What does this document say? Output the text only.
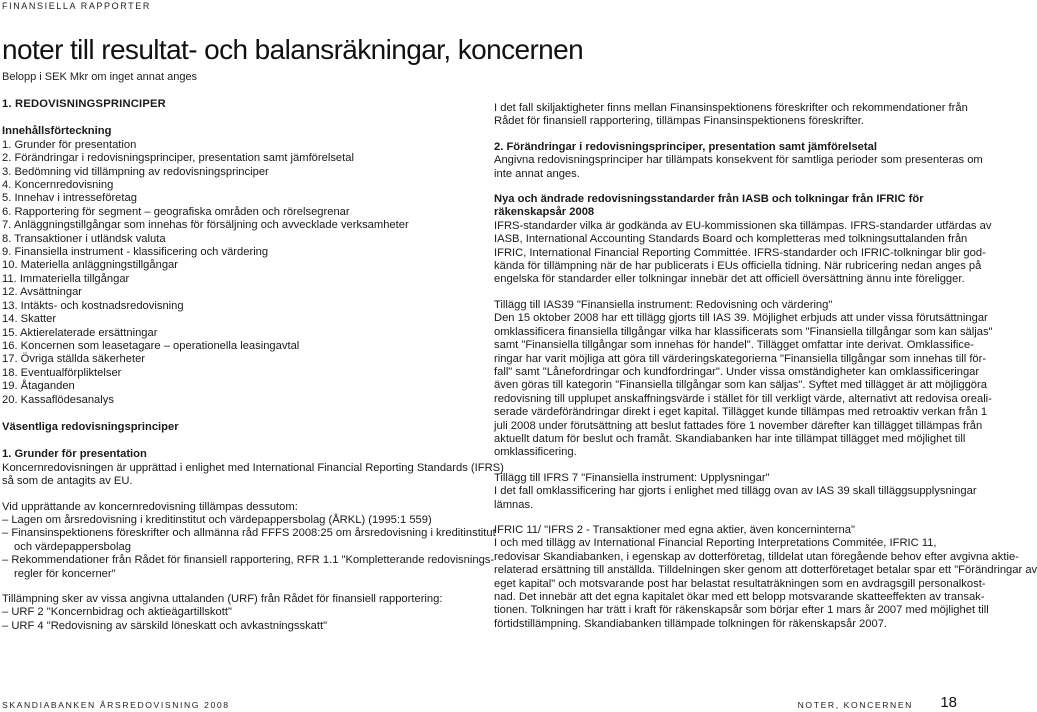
FINANSIELLA RAPPORTER
noter till resultat- och balansräkningar, koncernen
Belopp i SEK Mkr om inget annat anges
1. REDOVISNINGSPRINCIPER
Innehållsförteckning
1. Grunder för presentation
2. Förändringar i redovisningsprinciper, presentation samt jämförelsetal
3. Bedömning vid tillämpning av redovisningsprinciper
4. Koncernredovisning
5. Innehav i intresseföretag
6. Rapportering för segment – geografiska områden och rörelsegrenar
7. Anläggningstillgångar som innehas för försäljning och avvecklade verksamheter
8. Transaktioner i utländsk valuta
9. Finansiella instrument - klassificering och värdering
10. Materiella anläggningstillgångar
11. Immateriella tillgångar
12. Avsättningar
13. Intäkts- och kostnadsredovisning
14. Skatter
15. Aktierelaterade ersättningar
16. Koncernen som leasetagare – operationella leasingavtal
17. Övriga ställda säkerheter
18. Eventualförpliktelser
19. Åtaganden
20. Kassaflödesanalys
Väsentliga redovisningsprinciper
1. Grunder för presentation
Koncernredovisningen är upprättad i enlighet med International Financial Reporting Standards (IFRS)
så som de antagits av EU.
Vid upprättande av koncernredovisning tillämpas dessutom:
– Lagen om årsredovisning i kreditinstitut och värdepappersbolag (ÅRKL) (1995:1 559)
– Finansinspektionens föreskrifter och allmänna råd FFFS 2008:25 om årsredovisning i kreditinstitut
och värdepappersbolag
– Rekommendationer från Rådet för finansiell rapportering, RFR 1.1 "Kompletterande redovisnings-
regler för koncerner"
Tillämpning sker av vissa angivna uttalanden (URF) från Rådet för finansiell rapportering:
– URF 2 "Koncernbidrag och aktieägartillskott"
– URF 4 "Redovisning av särskild löneskatt och avkastningsskatt"
I det fall skiljaktigheter finns mellan Finansinspektionens föreskrifter och rekommendationer från
Rådet för finansiell rapportering, tillämpas Finansinspektionens föreskrifter.
2. Förändringar i redovisningsprinciper, presentation samt jämförelsetal
Angivna redovisningsprinciper har tillämpats konsekvent för samtliga perioder som presenteras om
inte annat anges.
Nya och ändrade redovisningsstandarder från IASB och tolkningar från IFRIC för
räkenskapsår 2008
IFRS-standarder vilka är godkända av EU-kommissionen ska tillämpas. IFRS-standarder utfärdas av
IASB, International Accounting Standards Board och kompletteras med tolkningsuttalanden från
IFRIC, International Financial Reporting Committée. IFRS-standarder och IFRIC-tolkningar blir god-
kända för tillämpning när de har publicerats i EUs officiella tidning. När rubricering nedan anges på
engelska för standarder eller tolkningar innebär det att officiell översättning ännu inte föreligger.
Tillägg till IAS39 "Finansiella instrument: Redovisning och värdering"
Den 15 oktober 2008 har ett tillägg gjorts till IAS 39. Möjlighet erbjuds att under vissa förutsättningar
omklassificera finansiella tillgångar vilka har klassificerats som "Finansiella tillgångar som kan säljas"
samt "Finansiella tillgångar som innehas för handel". Tillägget omfattar inte derivat. Omklassifice-
ringar har varit möjliga att göra till värderingskategorierna "Finansiella tillgångar som innehas till för-
fall" samt "Lånefordringar och kundfordringar". Under vissa omständigheter kan omklassificeringar
även göras till kategorin "Finansiella tillgångar som kan säljas". Syftet med tillägget är att möjliggöra
redovisning till upplupet anskaffningsvärde i stället för till verkligt värde, alternativt att redovisa oreali-
serade värdeförändringar direkt i eget kapital. Tillägget kunde tillämpas med retroaktiv verkan från 1
juli 2008 under förutsättning att beslut fattades före 1 november därefter kan tillägget tillämpas från
aktuellt datum för beslut och framåt. Skandiabanken har inte tillämpat tillägget med möjlighet till
omklassificering.
Tillägg till IFRS 7 "Finansiella instrument: Upplysningar"
I det fall omklassificering har gjorts i enlighet med tillägg ovan av IAS 39 skall tilläggsupplysningar
lämnas.
IFRIC 11/ "IFRS 2 - Transaktioner med egna aktier, även koncerninterna"
I och med tillägg av International Financial Reporting Interpretations Commitée, IFRIC 11,
redovisar Skandiabanken, i egenskap av dotterföretag, tilldelat utan föregående behov efter avgivna aktie-
relaterad ersättning till anställda. Tilldelningen sker genom att dotterföretaget betalar spar ett "Förändringar av
eget kapital" och motsvarande post har belastat resultaträkningen som en avdragsgill personalkost-
nad. Det innebär att det egna kapitalet ökar med ett belopp motsvarande skatteeffekten av transak-
tionen. Tolkningen har trätt i kraft för räkenskapsår som börjar efter 1 mars år 2007 med möjlighet till
förtidstillämpning. Skandiabanken tillämpade tolkningen för räkenskapsår 2007.
SKANDIABANKEN ÅRSREDOVISNING 2008	NOTER, KONCERNEN 18
